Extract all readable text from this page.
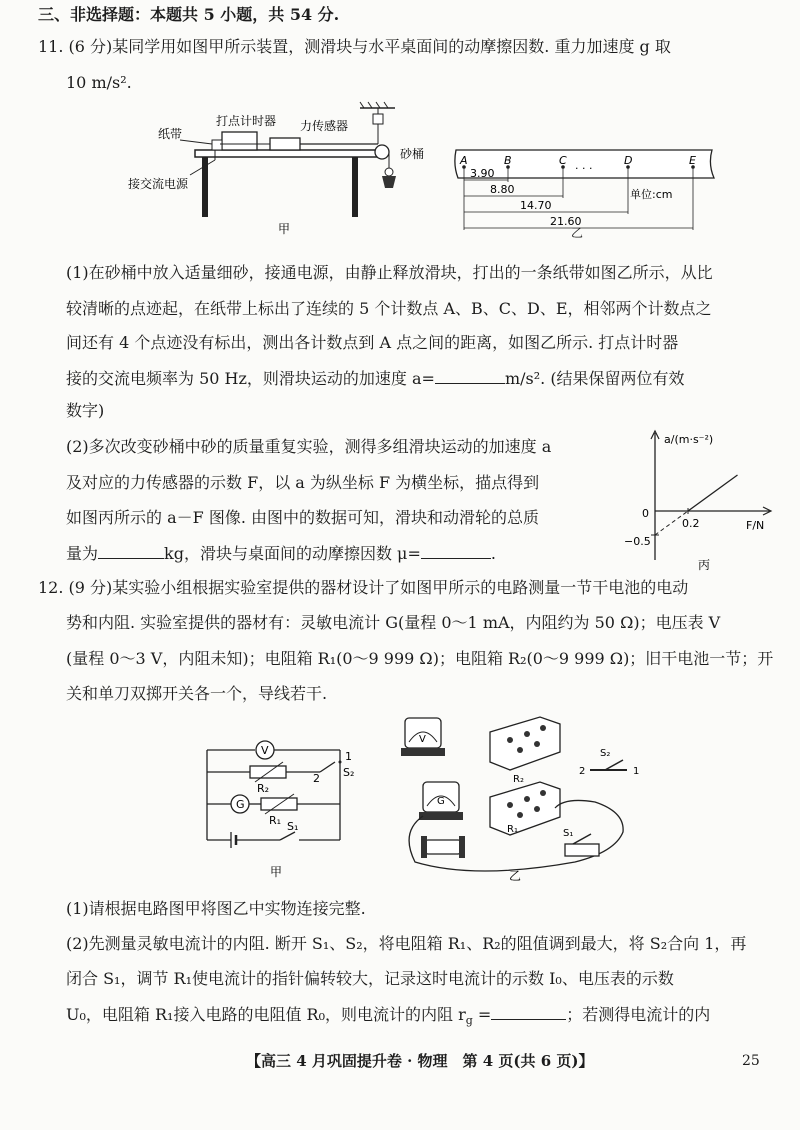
三、非选择题：本题共 5 小题，共 54 分.
11. (6 分)某同学用如图甲所示装置，测滑块与水平桌面间的动摩擦因数. 重力加速度 g 取
10 m/s².
纸带
打点计时器 力传感器
砂桶
接交流电源
甲
A	B	C	D	E
· · ·
3.90
8.80
14.70
21.60
单位:cm
乙
(1)在砂桶中放入适量细砂，接通电源，由静止释放滑块，打出的一条纸带如图乙所示，从比
较清晰的点迹起，在纸带上标出了连续的 5 个计数点 A、B、C、D、E，相邻两个计数点之
间还有 4 个点迹没有标出，测出各计数点到 A 点之间的距离，如图乙所示. 打点计时器
接的交流电频率为 50 Hz，则滑块运动的加速度 a=	m/s². (结果保留两位有效
数字)
(2)多次改变砂桶中砂的质量重复实验，测得多组滑块运动的加速度 a
及对应的力传感器的示数 F，以 a 为纵坐标 F 为横坐标，描点得到
如图丙所示的 a－F 图像. 由图中的数据可知，滑块和动滑轮的总质
量为	kg，滑块与桌面间的动摩擦因数 μ=	.
a/(m·s⁻²)
F/N
0
0.2
−0.5
丙
12. (9 分)某实验小组根据实验室提供的器材设计了如图甲所示的电路测量一节干电池的电动
势和内阻. 实验室提供的器材有：灵敏电流计 G(量程 0～1 mA，内阻约为 50 Ω)；电压表 V
(量程 0～3 V，内阻未知)；电阻箱 R₁(0～9 999 Ω)；电阻箱 R₂(0～9 999 Ω)；旧干电池一节；开
关和单刀双掷开关各一个，导线若干.
V
R₂
1
2 S₂
G
R₁ S₁
甲
V
R₂
S₂
2	1
G
R₁	S₁
乙
(1)请根据电路图甲将图乙中实物连接完整.
(2)先测量灵敏电流计的内阻. 断开 S₁、S₂，将电阻箱 R₁、R₂的阻值调到最大，将 S₂合向 1，再
闭合 S₁，调节 R₁使电流计的指针偏转较大，记录这时电流计的示数 I₀、电压表的示数
U₀，电阻箱 R₁接入电路的电阻值 R₀，则电流计的内阻 $r_g$ =	；若测得电流计的内
【高三 4 月巩固提升卷 · 物理　第 4 页(共 6 页)】	25
